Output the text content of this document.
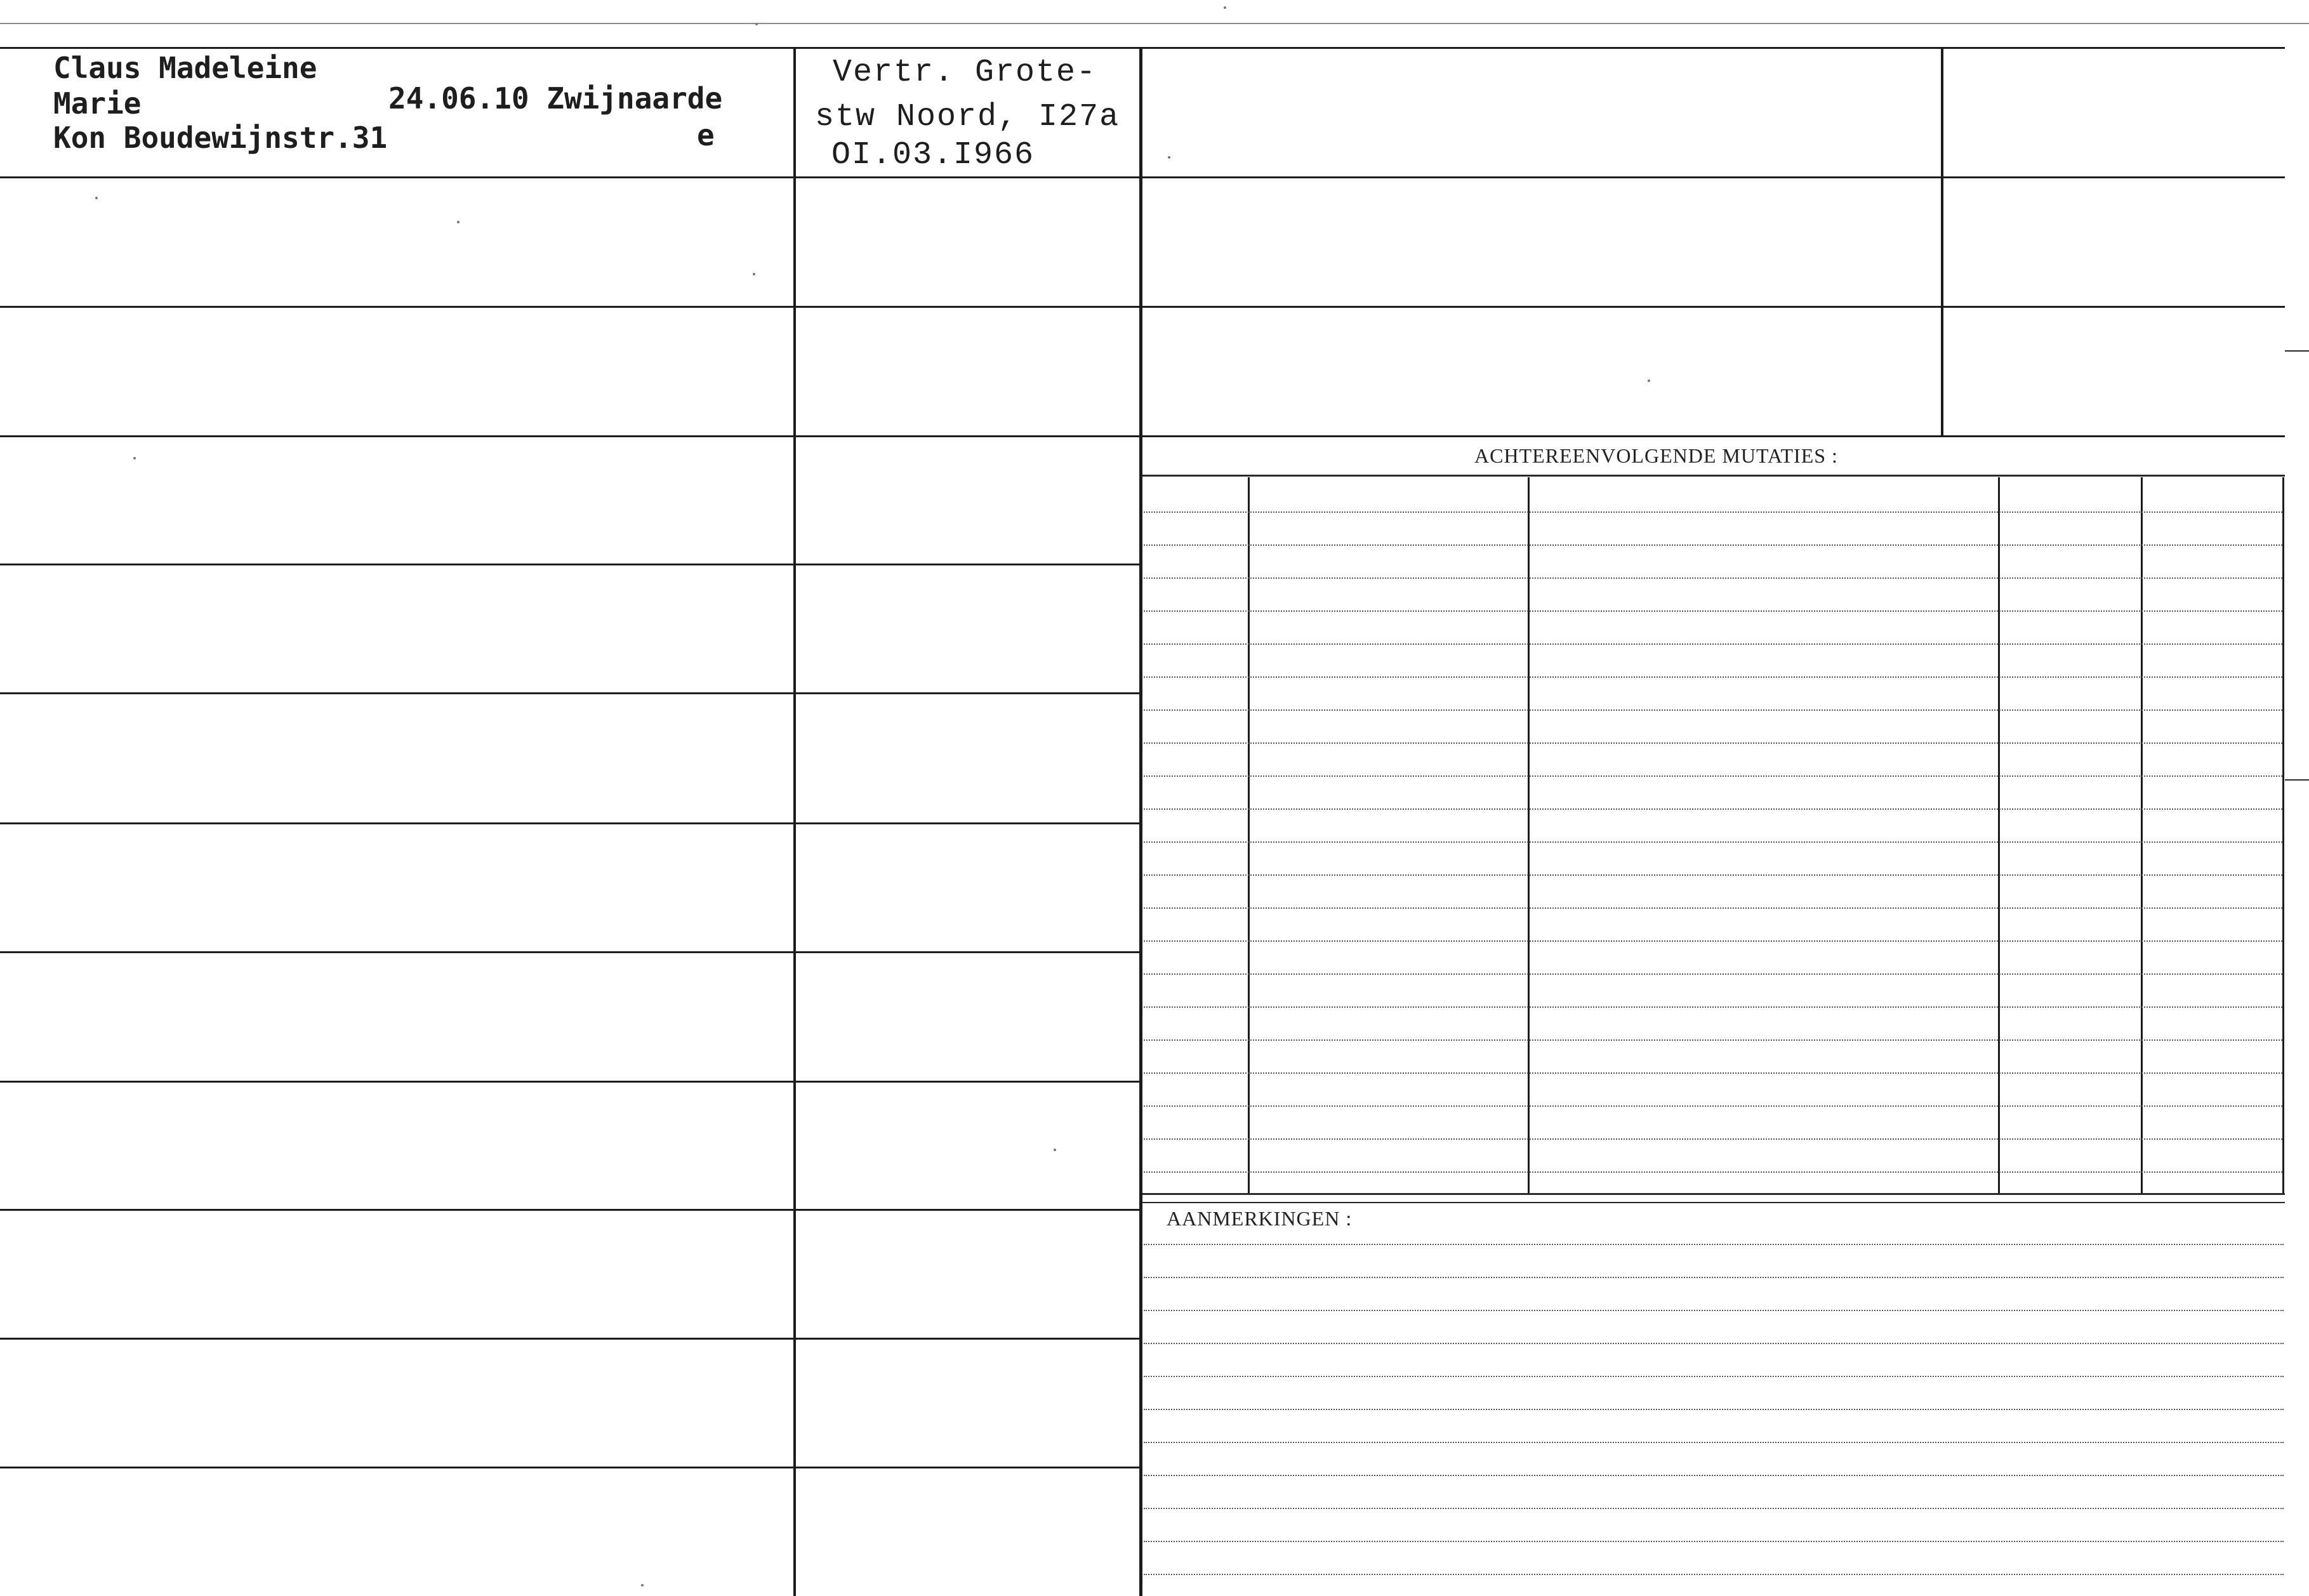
Claus Madeleine
Marie
Kon Boudewijnstr.31
24.06.10 Zwijnaarde
e
Vertr. Grote-
stw Noord, I27a
OI.03.I966
ACHTEREENVOLGENDE MUTATIES :
AANMERKINGEN :
